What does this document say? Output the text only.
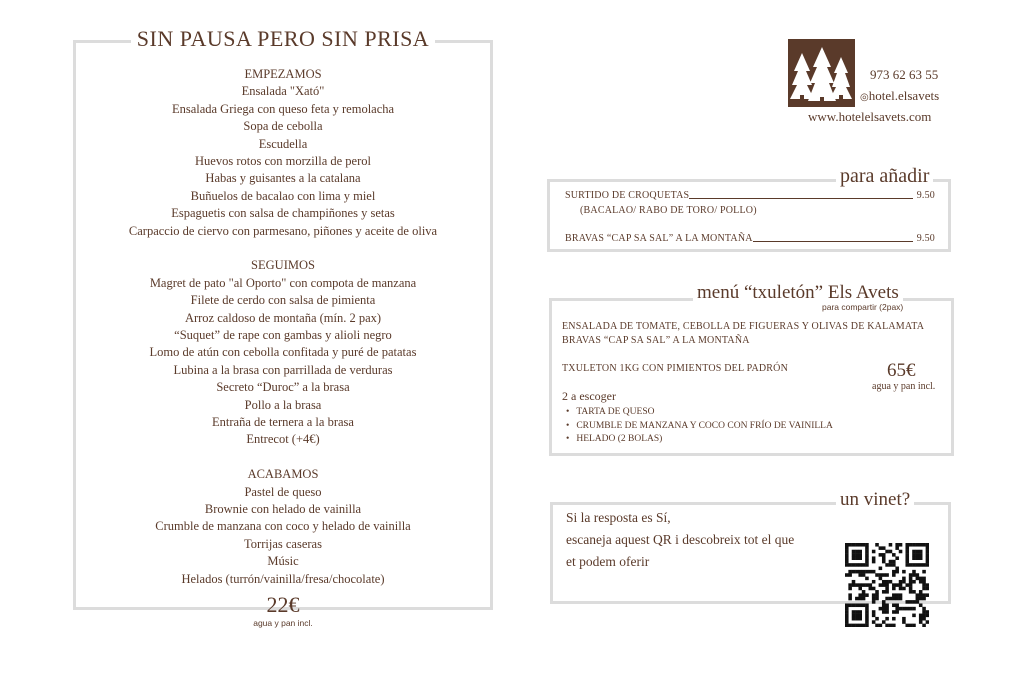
SIN PAUSA PERO SIN PRISA
EMPEZAMOS
Ensalada "Xató"
Ensalada Griega con queso feta y remolacha
Sopa de cebolla
Escudella
Huevos rotos con morzilla de perol
Habas y guisantes a la catalana
Buñuelos de bacalao con lima y miel
Espaguetis con salsa de champiñones y setas
Carpaccio de ciervo con parmesano, piñones y aceite de oliva
SEGUIMOS
Magret de pato "al Oporto" con compota de manzana
Filete de cerdo con salsa de pimienta
Arroz caldoso de montaña (mín. 2 pax)
“Suquet” de rape con gambas y alioli negro
Lomo de atún con cebolla confitada y puré de patatas
Lubina a la brasa con parrillada de verduras
Secreto “Duroc” a la brasa
Pollo a la brasa
Entraña de ternera a la brasa
Entrecot (+4€)
ACABAMOS
Pastel de queso
Brownie con helado de vainilla
Crumble de manzana con coco y helado de vainilla
Torrijas caseras
Músic
Helados (turrón/vainilla/fresa/chocolate)
22€
agua y pan incl.
973 62 63 55
◎hotel.elsavets
www.hotelelsavets.com
para añadir
SURTIDO DE CROQUETAS	9.50
(BACALAO/ RABO DE TORO/ POLLO)
BRAVAS “CAP SA SAL” A LA MONTAÑA	9.50
menú “txuletón” Els Avets
para compartir (2pax)
ENSALADA DE TOMATE, CEBOLLA DE FIGUERAS Y OLIVAS DE KALAMATA
BRAVAS “CAP SA SAL” A LA MONTAÑA
TXULETON 1KG CON PIMIENTOS DEL PADRÓN	65€
agua y pan incl.
2 a escoger
• TARTA DE QUESO
• CRUMBLE DE MANZANA Y COCO CON FRÍO DE VAINILLA
• HELADO (2 BOLAS)
un vinet?
Si la resposta es Sí,
escaneja aquest QR i descobreix tot el que
et podem oferir
